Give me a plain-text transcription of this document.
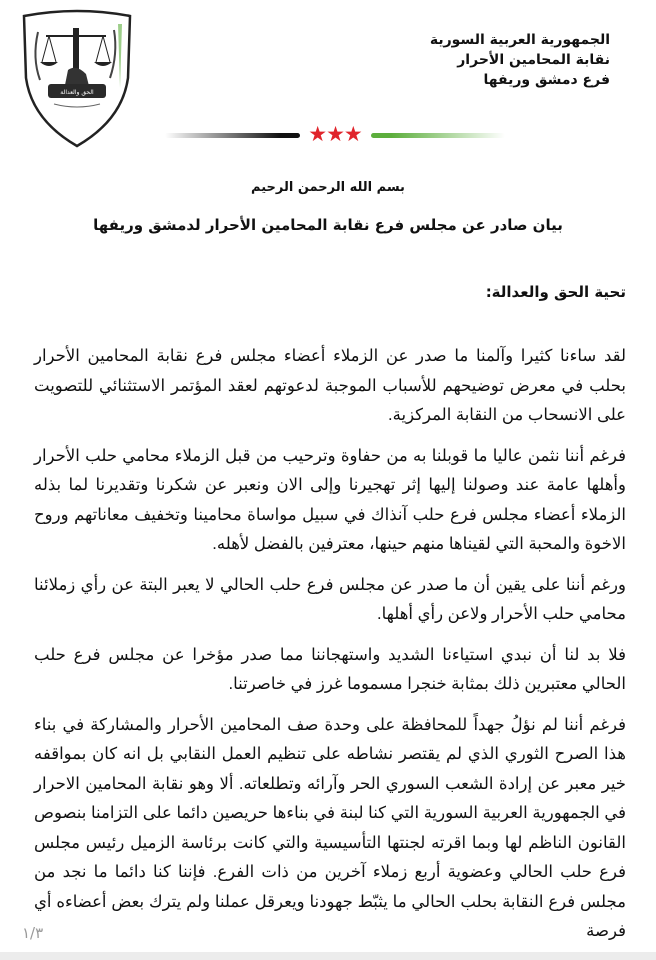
الحق والعدالة
الجمهورية العربية السورية
نقابة المحامين الأحرار
فرع دمشق وريفها
★★★
بسم الله الرحمن الرحيم
بيان صادر عن مجلس فرع نقابة المحامين الأحرار لدمشق وريفها
تحية الحق والعدالة:

لقد ساءنا كثيرا وآلمنا ما صدر عن الزملاء أعضاء مجلس فرع نقابة المحامين الأحرار بحلب في معرض توضيحهم للأسباب الموجبة لدعوتهم لعقد المؤتمر الاستثنائي للتصويت على الانسحاب من النقابة المركزية.

فرغم أننا نثمن عاليا ما قوبلنا به من حفاوة وترحيب من قبل الزملاء محامي حلب الأحرار وأهلها عامة عند وصولنا إليها إثر تهجيرنا وإلى الان ونعبر عن شكرنا وتقديرنا لما بذله الزملاء أعضاء مجلس فرع حلب آنذاك في سبيل مواساة محامينا وتخفيف معاناتهم وروح الاخوة والمحبة التي لقيناها منهم حينها، معترفين بالفضل لأهله.

ورغم أننا على يقين أن ما صدر عن مجلس فرع حلب الحالي لا يعبر البتة عن رأي زملائنا محامي حلب الأحرار ولاعن رأي أهلها.

فلا بد لنا أن نبدي استياءنا الشديد واستهجاننا مما صدر مؤخرا عن مجلس فرع حلب الحالي معتبرين ذلك بمثابة خنجرا مسموما غرز في خاصرتنا.

فرغم أننا لم نؤلُ جهداً للمحافظة على وحدة صف المحامين الأحرار والمشاركة في بناء هذا الصرح الثوري الذي لم يقتصر نشاطه على تنظيم العمل النقابي بل انه كان بمواقفه خير معبر عن إرادة الشعب السوري الحر وآرائه وتطلعاته. ألا وهو نقابة المحامين الاحرار في الجمهورية العربية السورية التي كنا لبنة في بناءها حريصين دائما على التزامنا بنصوص القانون الناظم لها وبما اقرته لجنتها التأسيسية والتي كانت برئاسة الزميل رئيس مجلس فرع حلب الحالي وعضوية أربع زملاء آخرين من ذات الفرع. فإننا كنا دائما ما نجد من مجلس فرع النقابة بحلب الحالي ما يثبّط جهودنا ويعرقل عملنا ولم يترك بعض أعضاءه أي فرصة

١/٣
